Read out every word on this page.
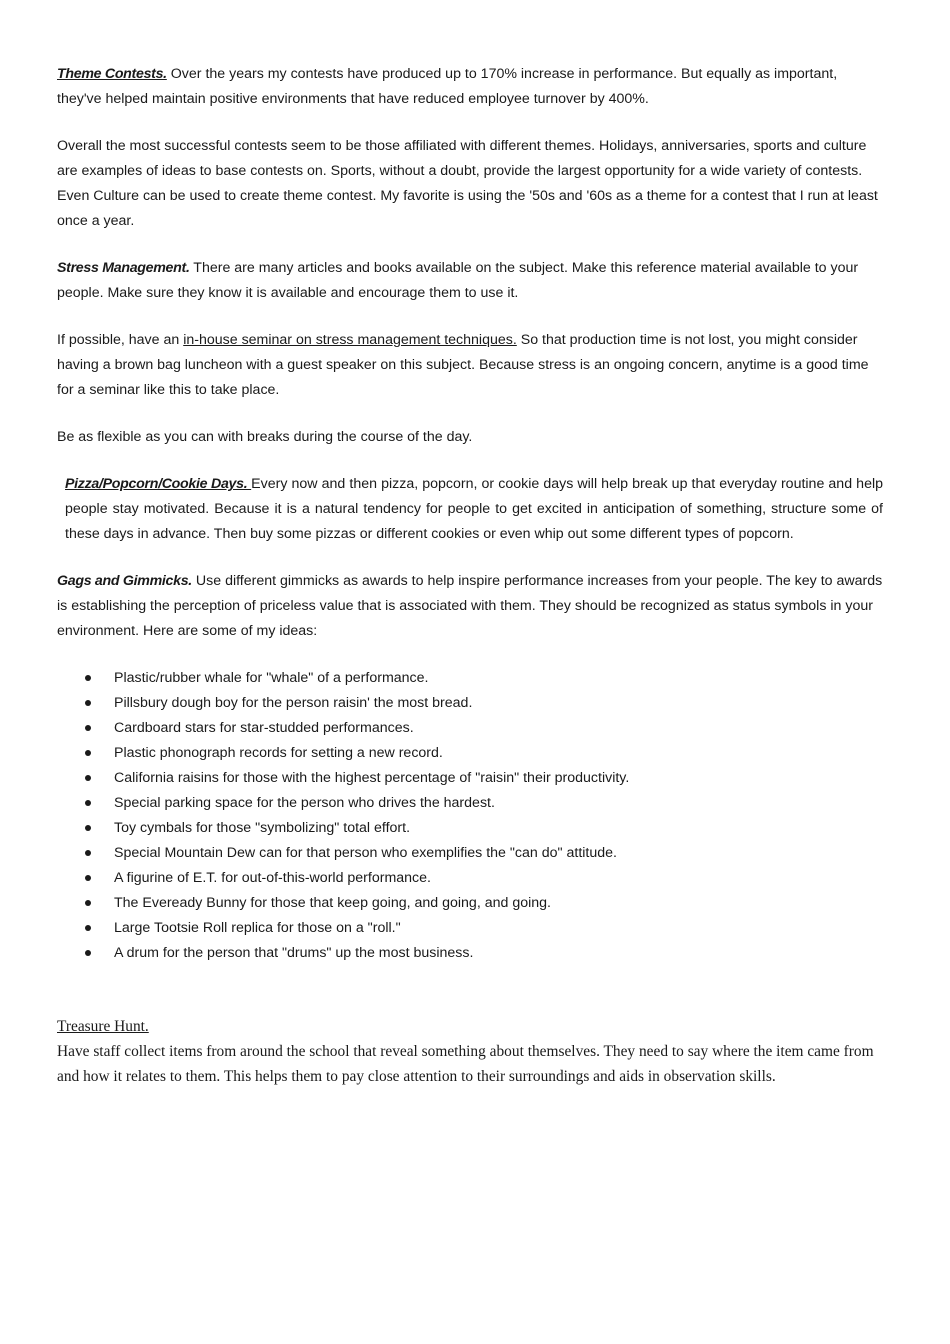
Theme Contests. Over the years my contests have produced up to 170% increase in performance. But equally as important, they've helped maintain positive environments that have reduced employee turnover by 400%.

Overall the most successful contests seem to be those affiliated with different themes. Holidays, anniversaries, sports and culture are examples of ideas to base contests on. Sports, without a doubt, provide the largest opportunity for a wide variety of contests. Even Culture can be used to create theme contest. My favorite is using the '50s and '60s as a theme for a contest that I run at least once a year.

Stress Management. There are many articles and books available on the subject. Make this reference material available to your people. Make sure they know it is available and encourage them to use it.

If possible, have an in-house seminar on stress management techniques. So that production time is not lost, you might consider having a brown bag luncheon with a guest speaker on this subject. Because stress is an ongoing concern, anytime is a good time for a seminar like this to take place.

Be as flexible as you can with breaks during the course of the day.

Pizza/Popcorn/Cookie Days. Every now and then pizza, popcorn, or cookie days will help break up that everyday routine and help people stay motivated. Because it is a natural tendency for people to get excited in anticipation of something, structure some of these days in advance. Then buy some pizzas or different cookies or even whip out some different types of popcorn.

Gags and Gimmicks. Use different gimmicks as awards to help inspire performance increases from your people. The key to awards is establishing the perception of priceless value that is associated with them. They should be recognized as status symbols in your environment. Here are some of my ideas:

Plastic/rubber whale for "whale" of a performance.
Pillsbury dough boy for the person raisin' the most bread.
Cardboard stars for star-studded performances.
Plastic phonograph records for setting a new record.
California raisins for those with the highest percentage of "raisin" their productivity.
Special parking space for the person who drives the hardest.
Toy cymbals for those "symbolizing" total effort.
Special Mountain Dew can for that person who exemplifies the "can do" attitude.
A figurine of E.T. for out-of-this-world performance.
The Eveready Bunny for those that keep going, and going, and going.
Large Tootsie Roll replica for those on a "roll."
A drum for the person that "drums" up the most business.
Treasure Hunt.
Have staff collect items from around the school that reveal something about themselves. They need to say where the item came from and how it relates to them. This helps them to pay close attention to their surroundings and aids in observation skills.
